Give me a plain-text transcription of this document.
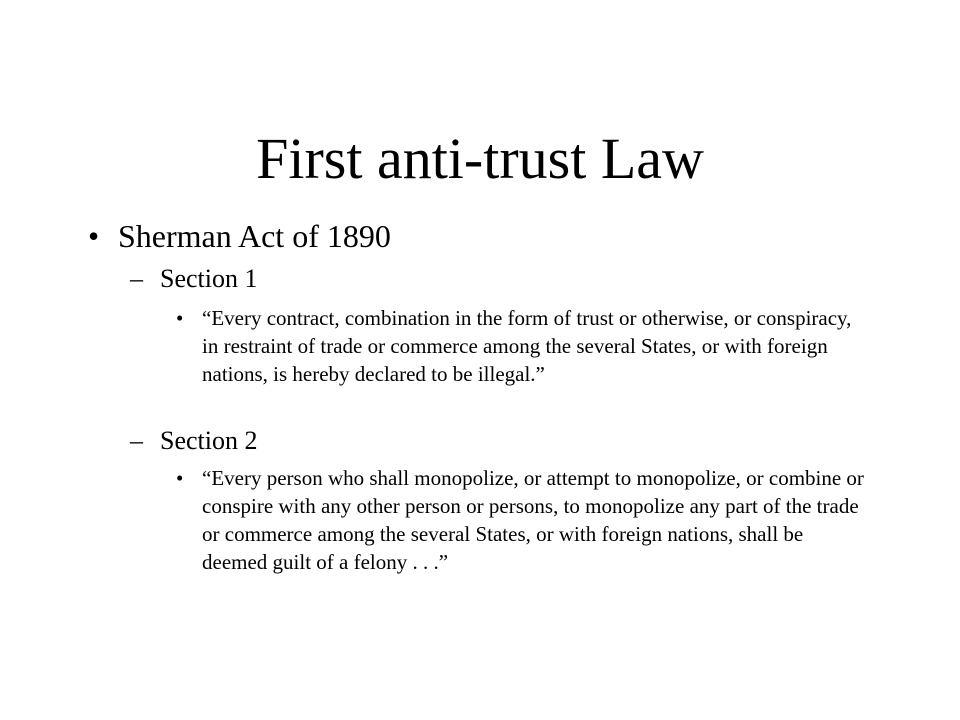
First anti-trust Law
• Sherman Act of 1890
– Section 1
• “Every contract, combination in the form of trust or otherwise, or conspiracy, in restraint of trade or commerce among the several States, or with foreign nations, is hereby declared to be illegal.”
– Section 2
• “Every person who shall monopolize, or attempt to monopolize, or combine or conspire with any other person or persons, to monopolize any part of the trade or commerce among the several States, or with foreign nations, shall be deemed guilt of a felony . . .”
